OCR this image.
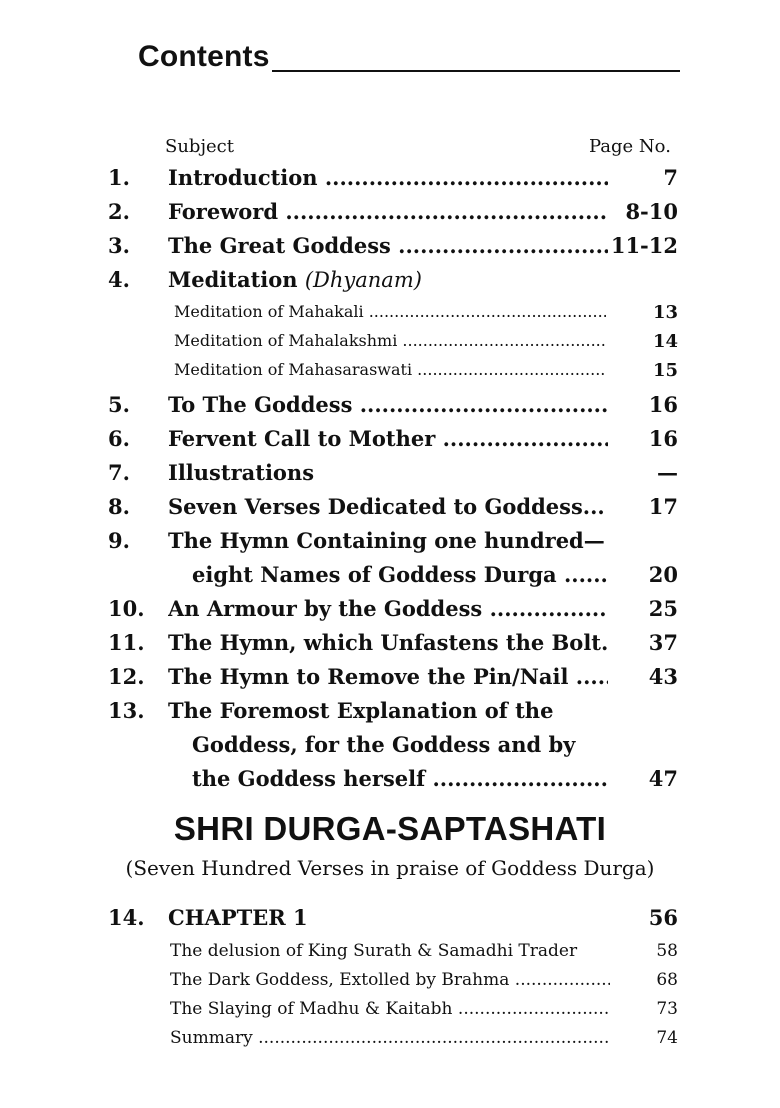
Contents
Subject	Page No.
1. Introduction .....	7
2. Foreword .....	8-10
3. The Great Goddess .....	11-12
4. Meditation (Dhyanam)
Meditation of Mahakali .....	13
Meditation of Mahalakshmi .....	14
Meditation of Mahasaraswati .....	15
5. To The Goddess .....	16
6. Fervent Call to Mother .....	16
7. Illustrations	—
8. Seven Verses Dedicated to Goddess...	17
9. The Hymn Containing one hundred—
eight Names of Goddess Durga .....	20
10. An Armour by the Goddess .....	25
11. The Hymn, which Unfastens the Bolt.	37
12. The Hymn to Remove the Pin/Nail .....	43
13. The Foremost Explanation of the
Goddess, for the Goddess and by
the Goddess herself .....	47
SHRI DURGA-SAPTASHATI
(Seven Hundred Verses in praise of Goddess Durga)
14. CHAPTER 1	56
The delusion of King Surath & Samadhi Trader	58
The Dark Goddess, Extolled by Brahma .....	68
The Slaying of Madhu & Kaitabh .....	73
Summary .....	74
